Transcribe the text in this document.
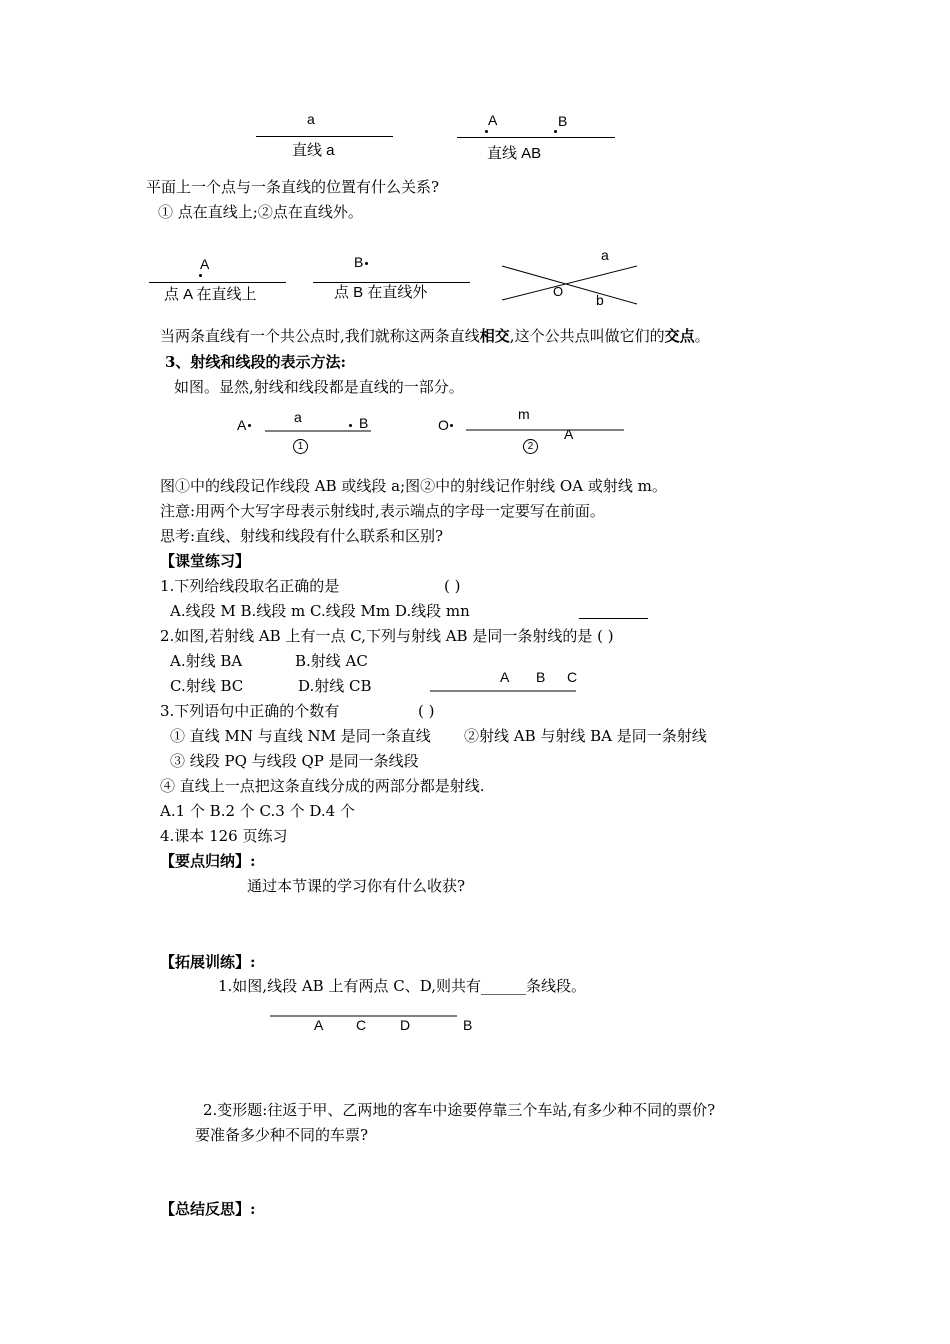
a
直线 a
A	B
直线 AB
平面上一个点与一条直线的位置有什么关系?
① 点在直线上;②点在直线外。
A
点 A 在直线上
B
点 B 在直线外
a
O
b
当两条直线有一个共公点时,我们就称这两条直线相交,这个公共点叫做它们的交点。
3、射线和线段的表示方法:
如图。显然,射线和线段都是直线的一部分。
A	a	B
1
O
m
A
2
图①中的线段记作线段 AB 或线段 a;图②中的射线记作射线 OA 或射线 m。
注意:用两个大写字母表示射线时,表示端点的字母一定要写在前面。
思考:直线、射线和线段有什么联系和区别?
【课堂练习】
1.下列给线段取名正确的是	( )
A.线段 M B.线段 m C.线段 Mm D.线段 mn
2.如图,若射线 AB 上有一点 C,下列与射线 AB 是同一条射线的是 ( )
A.射线 BA	B.射线 AC
C.射线 BC	D.射线 CB	A B C
3.下列语句中正确的个数有	( )
① 直线 MN 与直线 NM 是同一条直线 ②射线 AB 与射线 BA 是同一条射线
③ 线段 PQ 与线段 QP 是同一条线段
④ 直线上一点把这条直线分成的两部分都是射线.
A.1 个 B.2 个 C.3 个 D.4 个
4.课本 126 页练习
【要点归纳】:
通过本节课的学习你有什么收获?
【拓展训练】:
1.如图,线段 AB 上有两点 C、D,则共有______条线段。
A C D	B
2.变形题:往返于甲、乙两地的客车中途要停靠三个车站,有多少种不同的票价?
要准备多少种不同的车票?
【总结反思】:
